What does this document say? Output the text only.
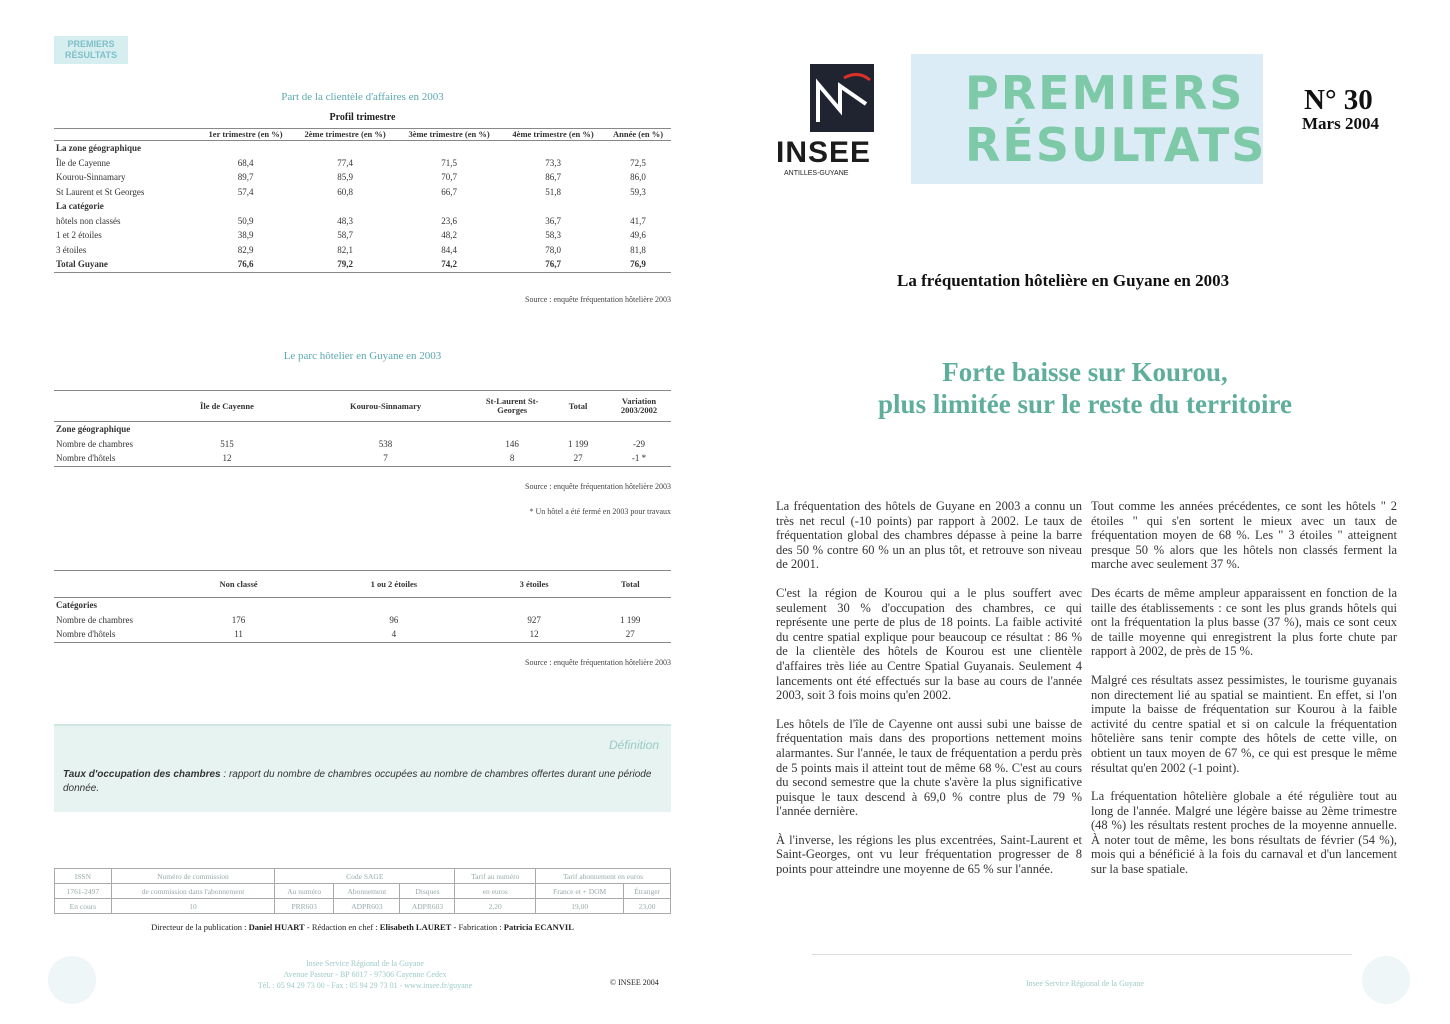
PREMIERS
RÉSULTATS
Part de la clientèle d'affaires en 2003
Profil trimestre
	1er trimestre (en %)	2ème trimestre (en %)	3ème trimestre (en %)	4ème trimestre (en %)	Année (en %)
La zone géographique					
Île de Cayenne	68,4	77,4	71,5	73,3	72,5
Kourou-Sinnamary	89,7	85,9	70,7	86,7	86,0
St Laurent et St Georges	57,4	60,8	66,7	51,8	59,3
La catégorie					
hôtels non classés	50,9	48,3	23,6	36,7	41,7
1 et 2 étoiles	38,9	58,7	48,2	58,3	49,6
3 étoiles	82,9	82,1	84,4	78,0	81,8
Total Guyane	76,6	79,2	74,2	76,7	76,9
Source : enquête fréquentation hôtelière 2003
Le parc hôtelier en Guyane en 2003
	Île de Cayenne	Kourou-Sinnamary	St-Laurent St-Georges	Total	Variation 2003/2002
Zone géographique					
Nombre de chambres	515	538	146	1 199	-29
Nombre d'hôtels	12	7	8	27	-1 *
Source : enquête fréquentation hôtelière 2003
* Un hôtel a été fermé en 2003 pour travaux
	Non classé	1 ou 2 étoiles	3 étoiles	Total
Catégories				
Nombre de chambres	176	96	927	1 199
Nombre d'hôtels	11	4	12	27
Source : enquête fréquentation hôtelière 2003
Définition
Taux d'occupation des chambres : rapport du nombre de chambres occupées au nombre de chambres offertes durant une période donnée.
ISSN	Numéro de commission	Code SAGE			Tarif au numéro	Tarif abonnement en euros	
1761-2497	de commission dans l'abonnement	Au numéro	Abonnement	Disques	en euros	France et + DOM	Étranger
En cours	10	PRR603	ADPR603	ADPR603	2,20	19,00	23,00
Directeur de la publication : Daniel HUART - Rédaction en chef : Elisabeth LAURET - Fabrication : Patricia ECANVIL
Insee Service Régional de la Guyane
Avenue Pasteur - BP 6017 - 97306 Cayenne Cedex
Tél. : 05 94 29 73 00 - Fax : 05 94 29 73 01 - www.insee.fr/guyane	© INSEE 2004
INSEE
ANTILLES-GUYANE
PREMIERS
RÉSULTATS
N° 30
Mars 2004
La fréquentation hôtelière en Guyane en 2003
Forte baisse sur Kourou,
plus limitée sur le reste du territoire

La fréquentation des hôtels de Guyane en 2003 a connu un très net recul (-10 points) par rapport à 2002. Le taux de fréquentation global des chambres dépasse à peine la barre des 50 % contre 60 % un an plus tôt, et retrouve son niveau de 2001.

C'est la région de Kourou qui a le plus souffert avec seulement 30 % d'occupation des chambres, ce qui représente une perte de plus de 18 points. La faible activité du centre spatial explique pour beaucoup ce résultat : 86 % de la clientèle des hôtels de Kourou est une clientèle d'affaires très liée au Centre Spatial Guyanais. Seulement 4 lancements ont été effectués sur la base au cours de l'année 2003, soit 3 fois moins qu'en 2002.

Les hôtels de l'île de Cayenne ont aussi subi une baisse de fréquentation mais dans des proportions nettement moins alarmantes. Sur l'année, le taux de fréquentation a perdu près de 5 points mais il atteint tout de même 68 %. C'est au cours du second semestre que la chute s'avère la plus significative puisque le taux descend à 69,0 % contre plus de 79 % l'année dernière.

À l'inverse, les régions les plus excentrées, Saint-Laurent et Saint-Georges, ont vu leur fréquentation progresser de 8 points pour atteindre une moyenne de 65 % sur l'année.

Tout comme les années précédentes, ce sont les hôtels " 2 étoiles " qui s'en sortent le mieux avec un taux de fréquentation moyen de 68 %. Les " 3 étoiles " atteignent presque 50 % alors que les hôtels non classés ferment la marche avec seulement 37 %.

Des écarts de même ampleur apparaissent en fonction de la taille des établissements : ce sont les plus grands hôtels qui ont la fréquentation la plus basse (37 %), mais ce sont ceux de taille moyenne qui enregistrent la plus forte chute par rapport à 2002, de près de 15 %.

Malgré ces résultats assez pessimistes, le tourisme guyanais non directement lié au spatial se maintient. En effet, si l'on impute la baisse de fréquentation sur Kourou à la faible activité du centre spatial et si on calcule la fréquentation hôtelière sans tenir compte des hôtels de cette ville, on obtient un taux moyen de 67 %, ce qui est presque le même résultat qu'en 2002 (-1 point).

La fréquentation hôtelière globale a été régulière tout au long de l'année. Malgré une légère baisse au 2ème trimestre (48 %) les résultats restent proches de la moyenne annuelle. À noter tout de même, les bons résultats de février (54 %), mois qui a bénéficié à la fois du carnaval et d'un lancement sur la base spatiale.

Insee Service Régional de la Guyane
